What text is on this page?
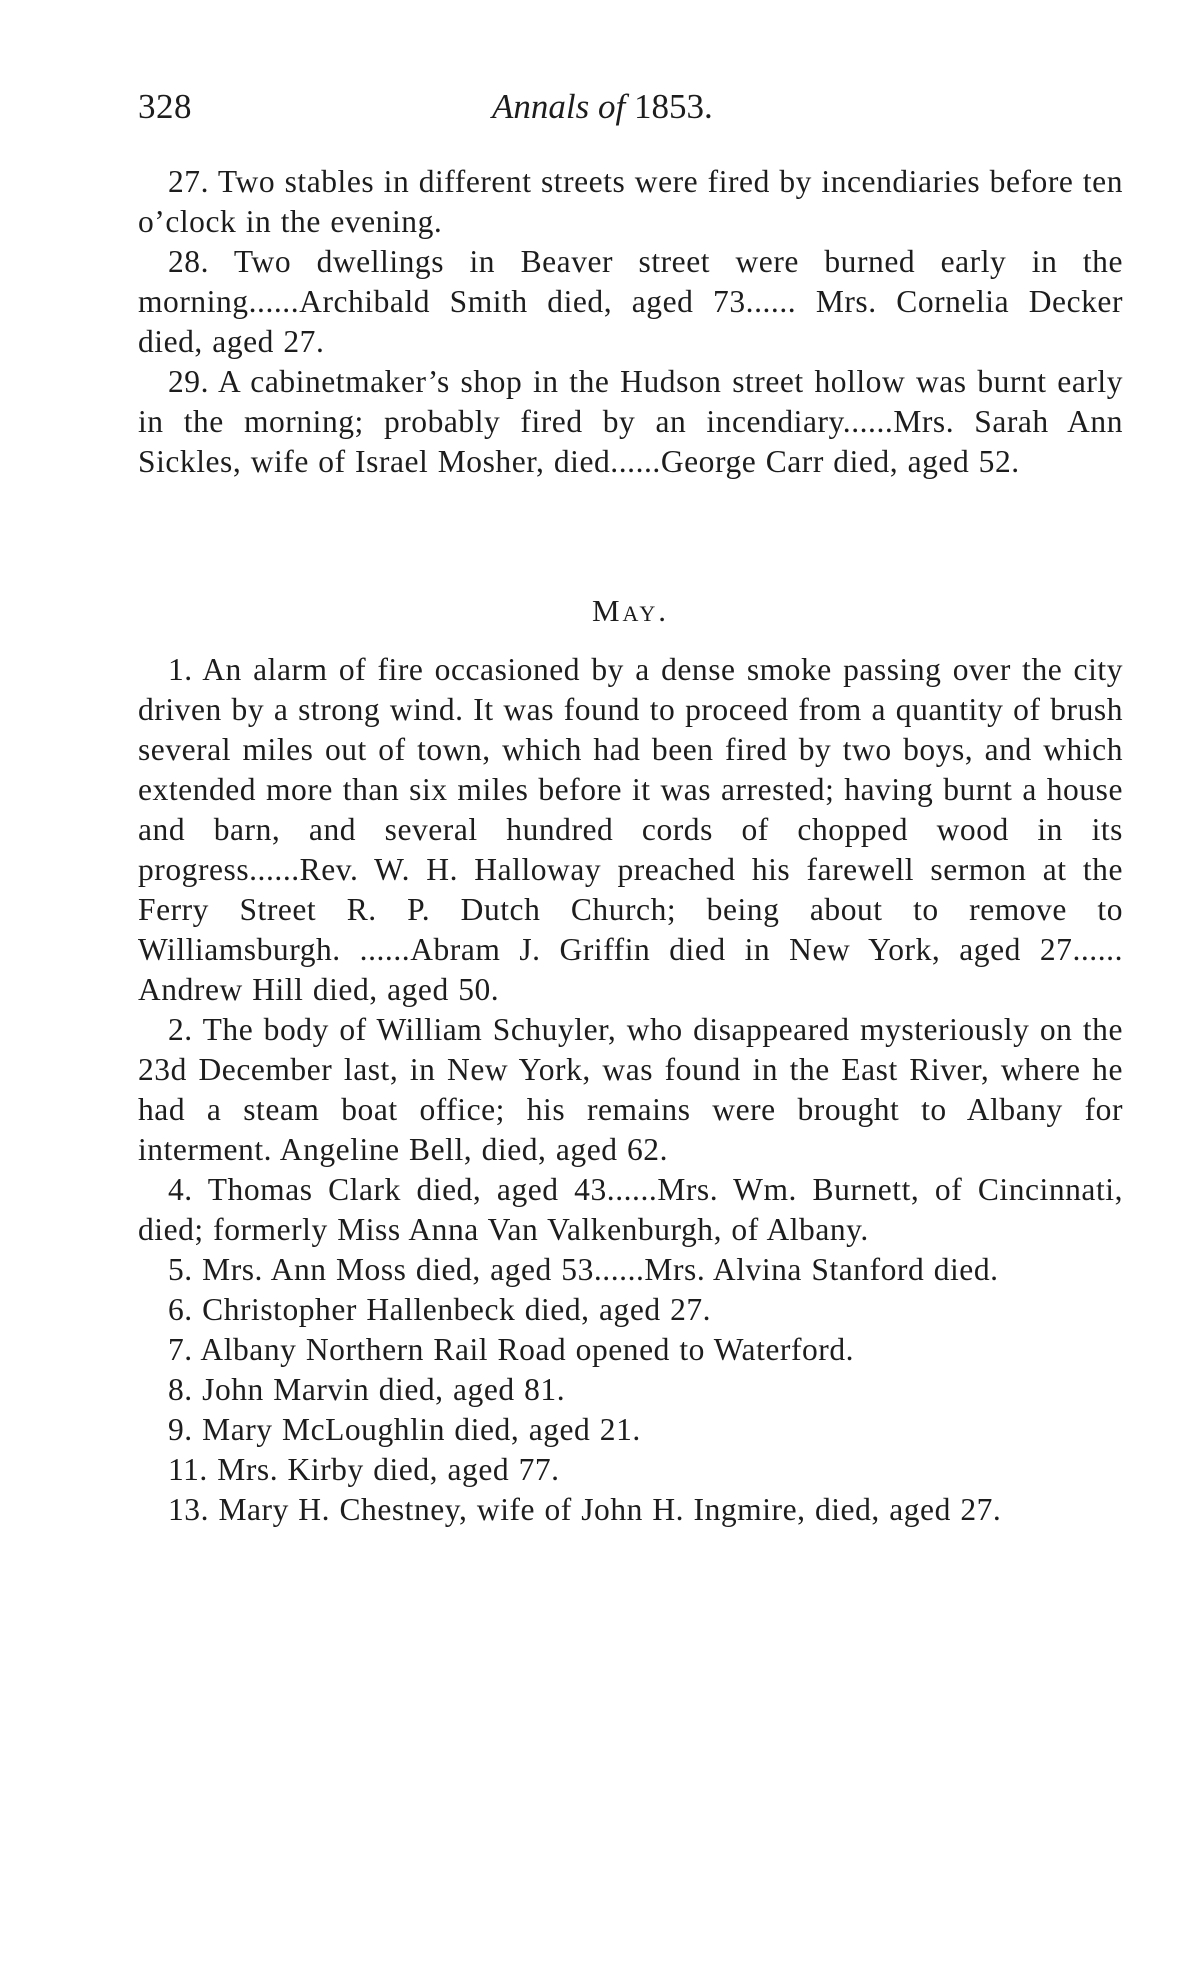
328	Annals of 1853.

27. Two stables in different streets were fired by incendiaries before ten o’clock in the evening.

28. Two dwellings in Beaver street were burned early in the morning......Archibald Smith died, aged 73...... Mrs. Cornelia Decker died, aged 27.

29. A cabinetmaker’s shop in the Hudson street hollow was burnt early in the morning; probably fired by an incendiary......Mrs. Sarah Ann Sickles, wife of Israel Mosher, died......George Carr died, aged 52.

May.

1. An alarm of fire occasioned by a dense smoke passing over the city driven by a strong wind. It was found to proceed from a quantity of brush several miles out of town, which had been fired by two boys, and which extended more than six miles before it was arrested; having burnt a house and barn, and several hundred cords of chopped wood in its progress......Rev. W. H. Halloway preached his farewell sermon at the Ferry Street R. P. Dutch Church; being about to remove to Williamsburgh. ......Abram J. Griffin died in New York, aged 27...... Andrew Hill died, aged 50.

2. The body of William Schuyler, who disappeared mysteriously on the 23d December last, in New York, was found in the East River, where he had a steam boat office; his remains were brought to Albany for interment. Angeline Bell, died, aged 62.

4. Thomas Clark died, aged 43......Mrs. Wm. Burnett, of Cincinnati, died; formerly Miss Anna Van Valkenburgh, of Albany.

5. Mrs. Ann Moss died, aged 53......Mrs. Alvina Stanford died.

6. Christopher Hallenbeck died, aged 27.

7. Albany Northern Rail Road opened to Waterford.

8. John Marvin died, aged 81.

9. Mary McLoughlin died, aged 21.

11. Mrs. Kirby died, aged 77.

13. Mary H. Chestney, wife of John H. Ingmire, died, aged 27.
